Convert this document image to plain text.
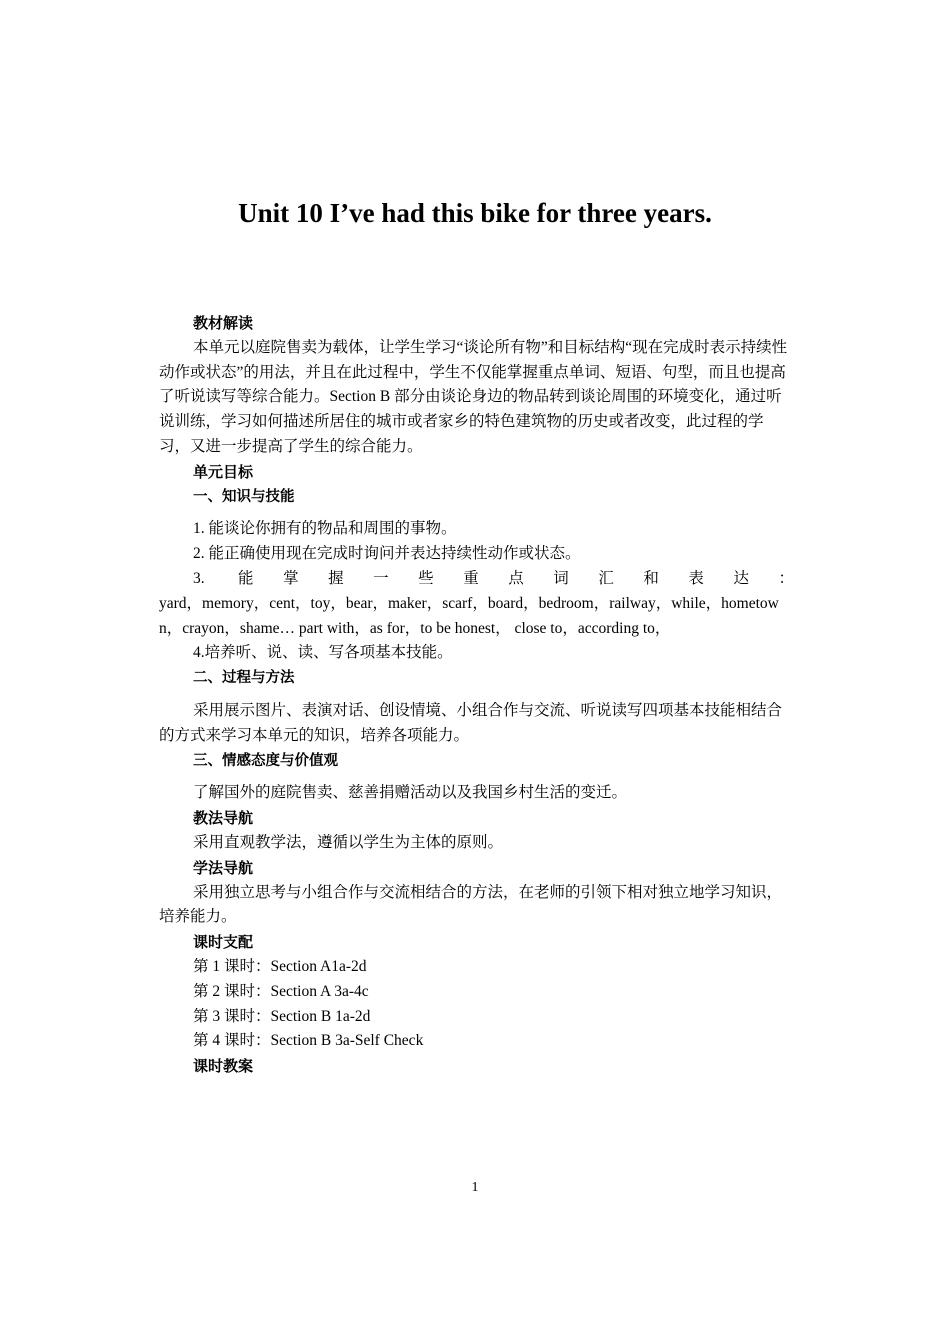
Unit 10 I’ve had this bike for three years.

教材解读

本单元以庭院售卖为载体，让学生学习“谈论所有物”和目标结构“现在完成时表示持续性动作或状态”的用法，并且在此过程中，学生不仅能掌握重点单词、短语、句型，而且也提高了听说读写等综合能力。Section B 部分由谈论身边的物品转到谈论周围的环境变化，通过听说训练，学习如何描述所居住的城市或者家乡的特色建筑物的历史或者改变，此过程的学习，又进一步提高了学生的综合能力。

单元目标

一、知识与技能

1. 能谈论你拥有的物品和周围的事物。

2. 能正确使用现在完成时询问并表达持续性动作或状态。

3. 能掌握一些重点词汇和表达：

yard，memory，cent，toy，bear，maker，scarf，board，bedroom，railway，while，hometown，crayon，shame… part with，as for，to be honest， close to，according to，

4.培养听、说、读、写各项基本技能。

二、过程与方法

采用展示图片、表演对话、创设情境、小组合作与交流、听说读写四项基本技能相结合的方式来学习本单元的知识，培养各项能力。

三、情感态度与价值观

了解国外的庭院售卖、慈善捐赠活动以及我国乡村生活的变迁。

教法导航

采用直观教学法，遵循以学生为主体的原则。

学法导航

采用独立思考与小组合作与交流相结合的方法，在老师的引领下相对独立地学习知识，培养能力。

课时支配

第 1 课时：Section A1a-2d

第 2 课时：Section A 3a-4c

第 3 课时：Section B 1a-2d

第 4 课时：Section B 3a-Self Check

课时教案

1
